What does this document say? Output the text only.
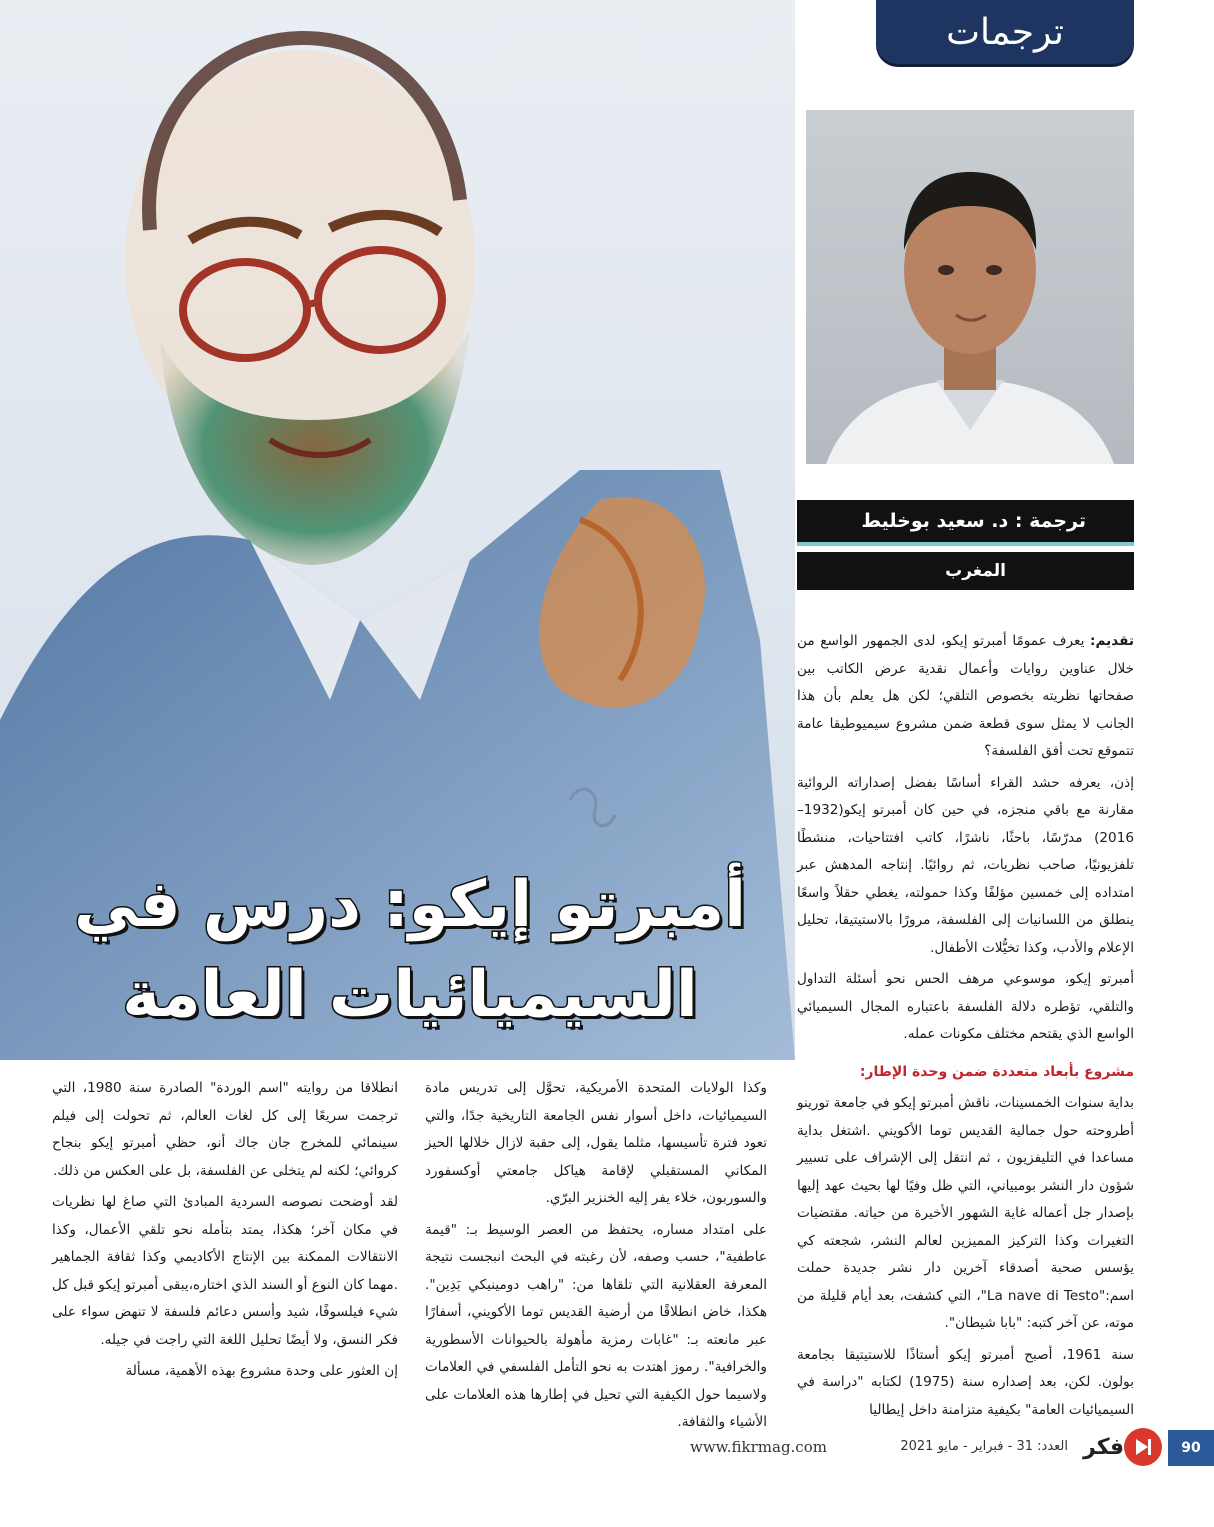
ترجمات
ترجمة : د. سعيد بوخليط
المغرب

تقديم: يعرف عمومًا أمبرتو إيكو، لدى الجمهور الواسع من خلال عناوين روايات وأعمال نقدية عرض الكاتب بين صفحاتها نظريته بخصوص التلقي؛ لكن هل يعلم بأن هذا الجانب لا يمثل سوى قطعة ضمن مشروع سيميوطيقا عامة تتموقع تحت أفق الفلسفة؟

إذن، يعرفه حشد القراء أساسًا بفضل إصداراته الروائية مقارنة مع باقي منجزه، في حين كان أمبرتو إيكو(1932–2016) مدرّسًا، باحثًا، ناشرًا، كاتب افتتاحيات، منشطًا تلفزيونيًا، صاحب نظريات، ثم روائيًا. إنتاجه المدهش عبر امتداده إلى خمسين مؤلفًا وكذا حمولته، يغطي حقلاً واسعًا ينطلق من اللسانيات إلى الفلسفة، مرورًا بالاستيتيقا، تحليل الإعلام والأدب، وكذا تخيُّلات الأطفال.

أمبرتو إيكو، موسوعي مرهف الحس نحو أسئلة التداول والتلقي، تؤطره دلالة الفلسفة باعتباره المجال السيميائي الواسع الذي يقتحم مختلف مكونات عمله.

أمبرتو إيكو: درس في
السيميائيات العامة
مشروع بأبعاد متعددة ضمن وحدة الإطار:

بداية سنوات الخمسينات، ناقش أمبرتو إيكو في جامعة تورينو أطروحته حول جمالية القديس توما الأكويني .اشتغل بداية مساعدا في التليفزيون ، ثم انتقل إلى الإشراف على تسيير شؤون دار النشر بومبياني، التي ظل وفيًا لها بحيث عهد إليها بإصدار جل أعماله غاية الشهور الأخيرة من حياته. مقتضيات التغيرات وكذا التركيز المميزين لعالم النشر، شجعته كي يؤسس صحبة أصدقاء آخرين دار نشر جديدة حملت اسم:"La nave di Testo"، التي كشفت، بعد أيام قليلة من موته، عن آخر كتبه: "بابا شيطان".

سنة 1961، أصبح أمبرتو إيكو أستاذًا للاستيتيقا بجامعة بولون. لكن، بعد إصداره سنة (1975) لكتابه "دراسة في السيميائيات العامة" بكيفية متزامنة داخل إيطاليا

وكذا الولايات المتحدة الأمريكية، تحوَّل إلى تدريس مادة السيميائيات، داخل أسوار نفس الجامعة التاريخية جدًا، والتي تعود فترة تأسيسها، مثلما يقول، إلى حقبة لازال خلالها الحيز المكاني المستقبلي لإقامة هياكل جامعتي أوكسفورد والسوربون، خلاء يفر إليه الخنزير البرّي.

على امتداد مساره، يحتفظ من العصر الوسيط بـ: "قيمة عاطفية"، حسب وصفه، لأن رغبته في البحث انبجست نتيجة المعرفة العقلانية التي تلقاها من: "راهب دومينيكي بَدِين". هكذا، خاض انطلاقًا من أرضية القديس توما الأكويني، أسفارًا عبر مانعته بـ: "غابات رمزية مأهولة بالحيوانات الأسطورية والخرافية". رموز اهتدت به نحو التأمل الفلسفي في العلامات ولاسيما حول الكيفية التي تحيل في إطارها هذه العلامات على الأشياء والثقافة.

انطلاقا من روايته "اسم الوردة" الصادرة سنة 1980، التي ترجمت سريعًا إلى كل لغات العالم، ثم تحولت إلى فيلم سينمائي للمخرج جان جاك أنو، حظي أمبرتو إيكو بنجاح كروائي؛ لكنه لم يتخلى عن الفلسفة، بل على العكس من ذلك.

لقد أوضحت نصوصه السردية المبادئ التي صاغ لها نظريات في مكان آخر؛ هكذا، يمتد بتأمله نحو تلقي الأعمال، وكذا الانتقالات الممكنة بين الإنتاج الأكاديمي وكذا ثقافة الجماهير .مهما كان النوع أو السند الذي اختاره،يبقى أمبرتو إيكو قبل كل شيء فيلسوفًا، شيد وأسس دعائم فلسفة لا تنهض سواء على فكر النسق، ولا أيضًا تحليل اللغة التي راجت في جيله.

إن العثور على وحدة مشروع بهذه الأهمية، مسألة

90
فكر
العدد: 31 - فبراير - مايو 2021
www.fikrmag.com
